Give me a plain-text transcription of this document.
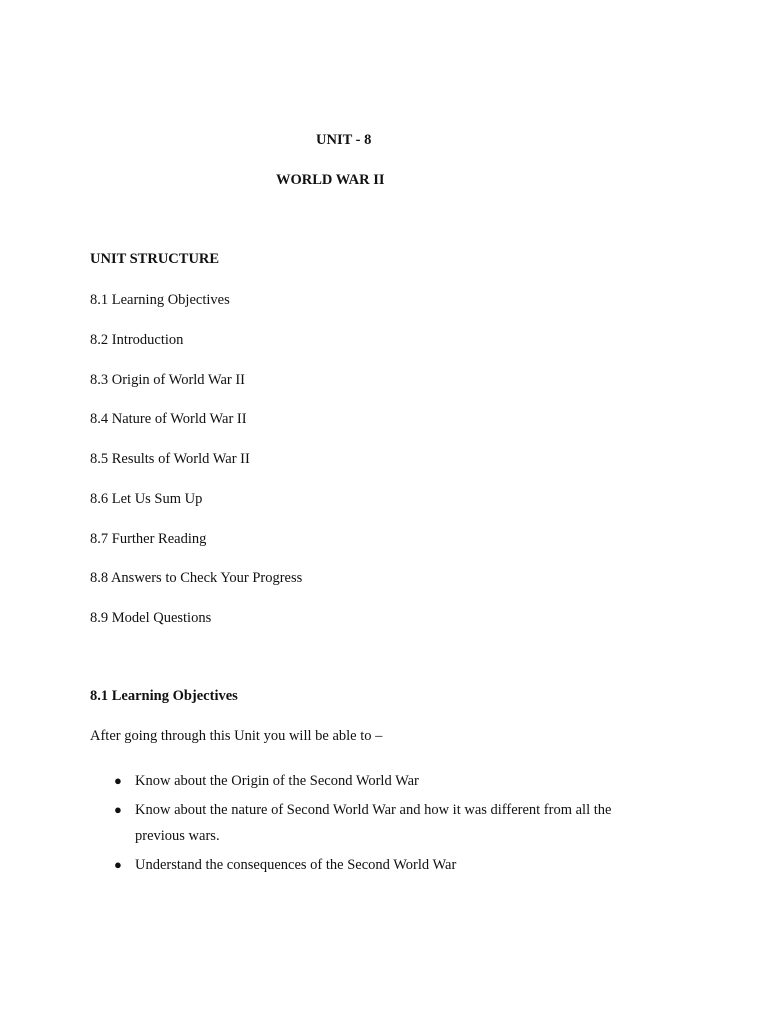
UNIT - 8
WORLD WAR II
UNIT STRUCTURE
8.1 Learning Objectives
8.2 Introduction
8.3 Origin of World War II
8.4 Nature of World War II
8.5 Results of World War II
8.6 Let Us Sum Up
8.7 Further Reading
8.8 Answers to Check Your Progress
8.9 Model Questions
8.1 Learning Objectives
After going through this Unit you will be able to –
● Know about the Origin of the Second World War
● Know about the nature of Second World War and how it was different from all the previous wars.
● Understand the consequences of the Second World War
